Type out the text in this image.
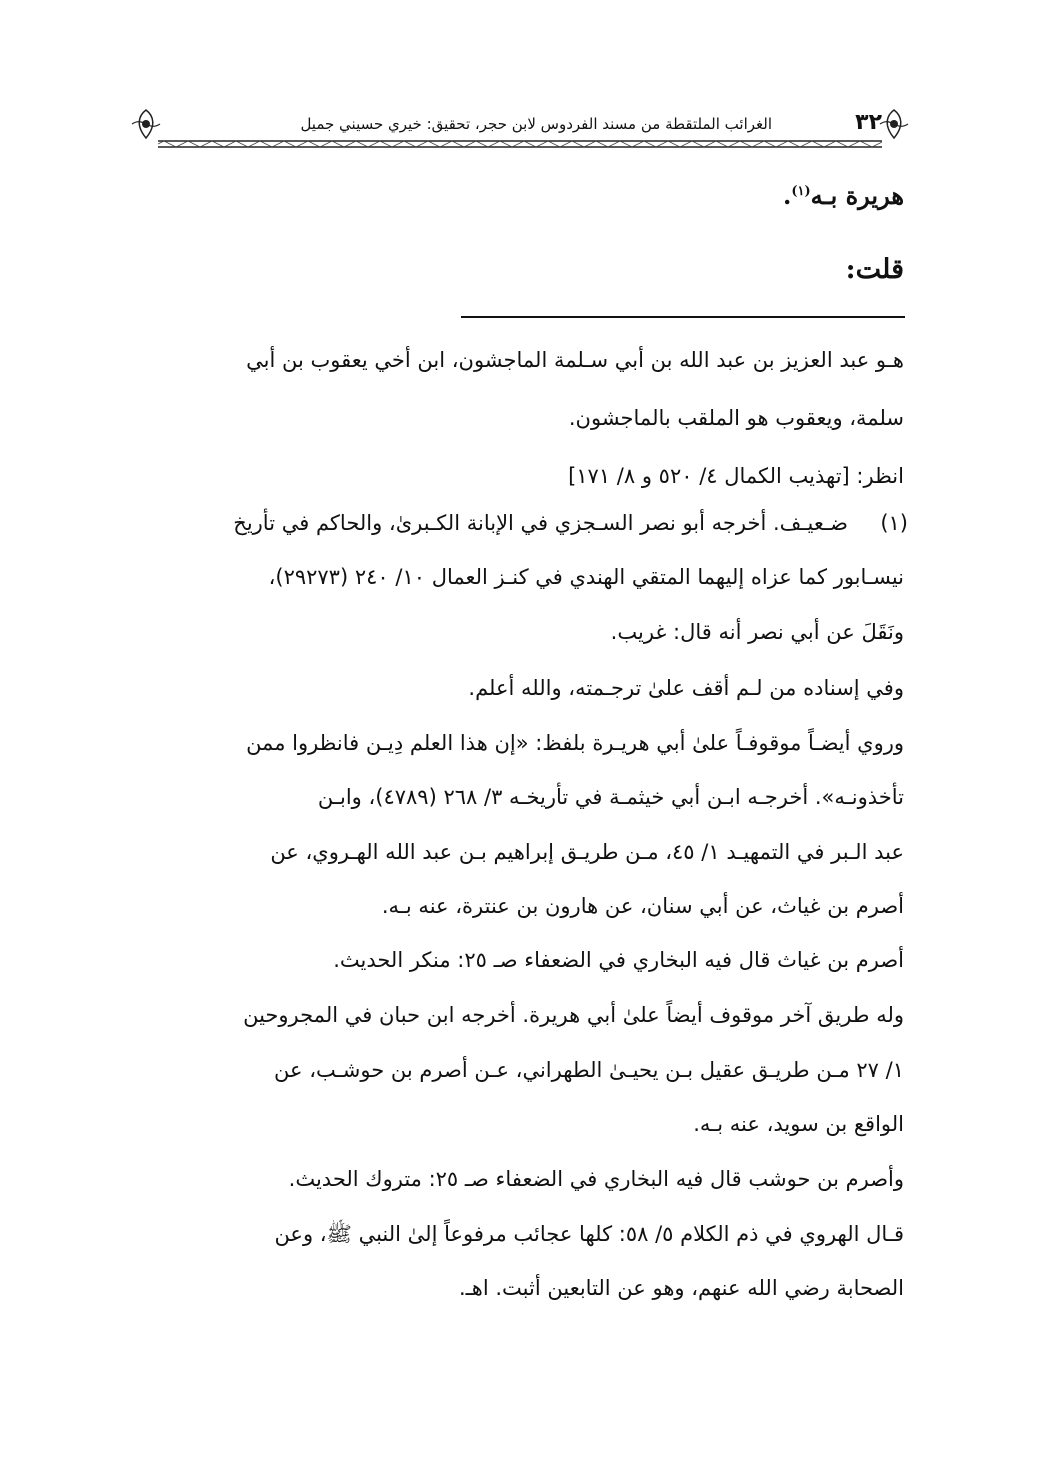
الغرائب الملتقطة من مسند الفردوس لابن حجر، تحقيق: خيري حسيني جميل	٣٢
هريرة بـه$^{(١)}$.
قلت:
هـو عبد العزيز بن عبد الله بن أبي سـلمة الماجشون، ابن أخي يعقوب بن أبي
سلمة، ويعقوب هو الملقب بالماجشون.
انظر: [تهذيب الكمال ٤/ ٥٢٠ و ٨/ ١٧١]
(١)
ضـعيـف. أخرجه أبو نصر السـجزي في الإبانة الكـبرىٰ، والحاكم في تأريخ
نيسـابور كما عزاه إليهما المتقي الهندي في كنـز العمال ١٠/ ٢٤٠ (٢٩٢٧٣)،
ونَقَلَ عن أبي نصر أنه قال: غريب.
وفي إسناده من لـم أقف علىٰ ترجـمته، والله أعلم.
وروي أيضـاً موقوفـاً علىٰ أبي هريـرة بلفظ: «إن هذا العلم دِيـن فانظروا ممن
تأخذونـه». أخرجـه ابـن أبي خيثمـة في تأريخـه ٣/ ٢٦٨ (٤٧٨٩)، وابـن
عبد الـبر في التمهيـد ١/ ٤٥، مـن طريـق إبراهيم بـن عبد الله الهـروي، عن
أصرم بن غياث، عن أبي سنان، عن هارون بن عنترة، عنه بـه.
أصرم بن غياث قال فيه البخاري في الضعفاء صـ ٢٥: منكر الحديث.
وله طريق آخر موقوف أيضاً علىٰ أبي هريرة. أخرجه ابن حبان في المجروحين
١/ ٢٧ مـن طريـق عقيل بـن يحيـىٰ الطهراني، عـن أصرم بن حوشـب، عن
الواقع بن سويد، عنه بـه.
وأصرم بن حوشب قال فيه البخاري في الضعفاء صـ ٢٥: متروك الحديث.
قـال الهروي في ذم الكلام ٥/ ٥٨: كلها عجائب مرفوعاً إلىٰ النبي ﷺ، وعن
الصحابة رضي الله عنهم، وهو عن التابعين أثبت. اهـ.
